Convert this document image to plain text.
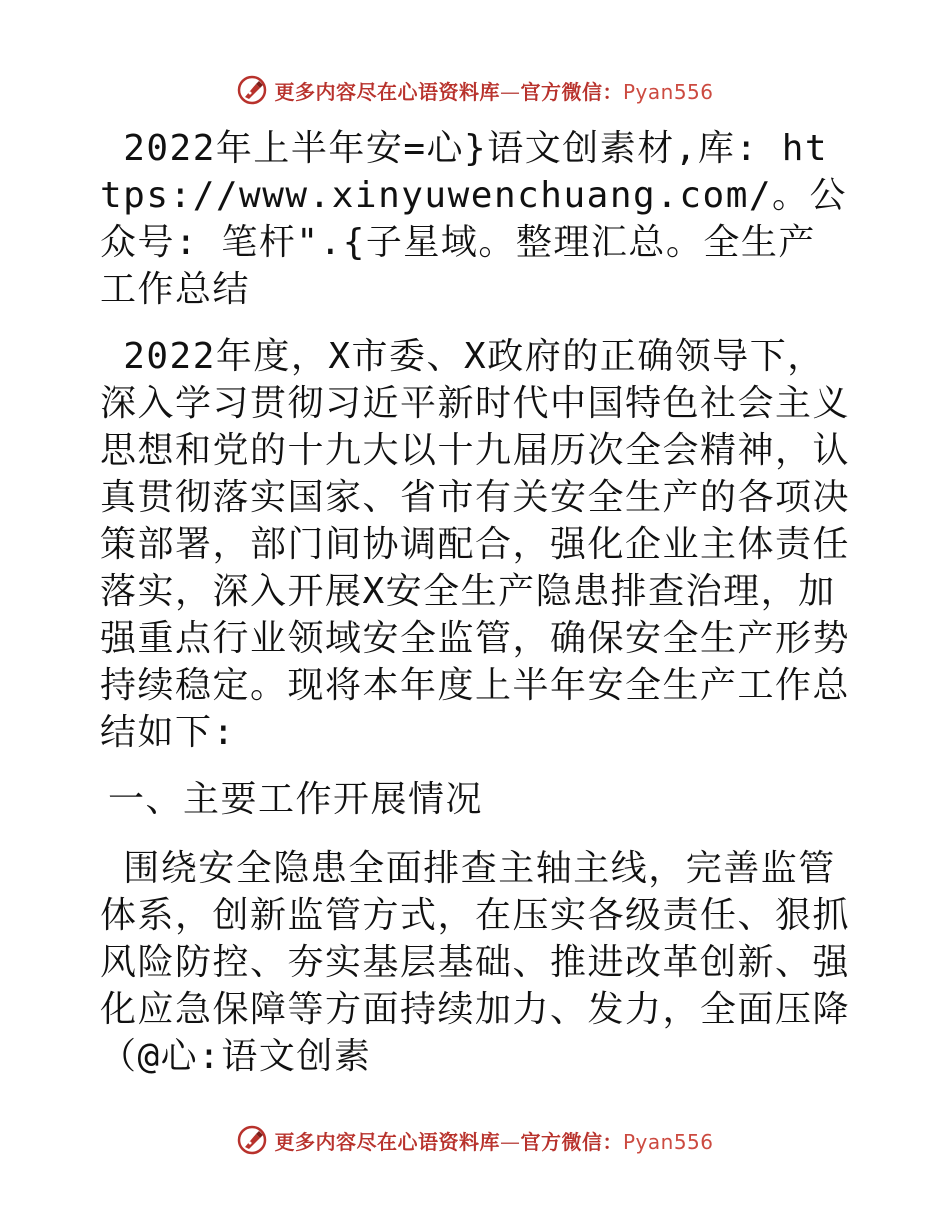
更多内容尽在心语资料库—官方微信：Pyan556

2022年上半年安=心}语文创素材,库: https://www.xinyuwenchuang.com/。公众号: 笔杆".{子星域。整理汇总。全生产工作总结

2022年度，X市委、X政府的正确领导下，深入学习贯彻习近平新时代中国特色社会主义思想和党的十九大以十九届历次全会精神，认真贯彻落实国家、省市有关安全生产的各项决策部署，部门间协调配合，强化企业主体责任落实，深入开展X安全生产隐患排查治理，加强重点行业领域安全监管，确保安全生产形势持续稳定。现将本年度上半年安全生产工作总结如下:

一、主要工作开展情况

围绕安全隐患全面排查主轴主线，完善监管体系，创新监管方式，在压实各级责任、狠抓风险防控、夯实基层基础、推进改革创新、强化应急保障等方面持续加力、发力，全面压降（@心:语文创素

更多内容尽在心语资料库—官方微信：Pyan556
